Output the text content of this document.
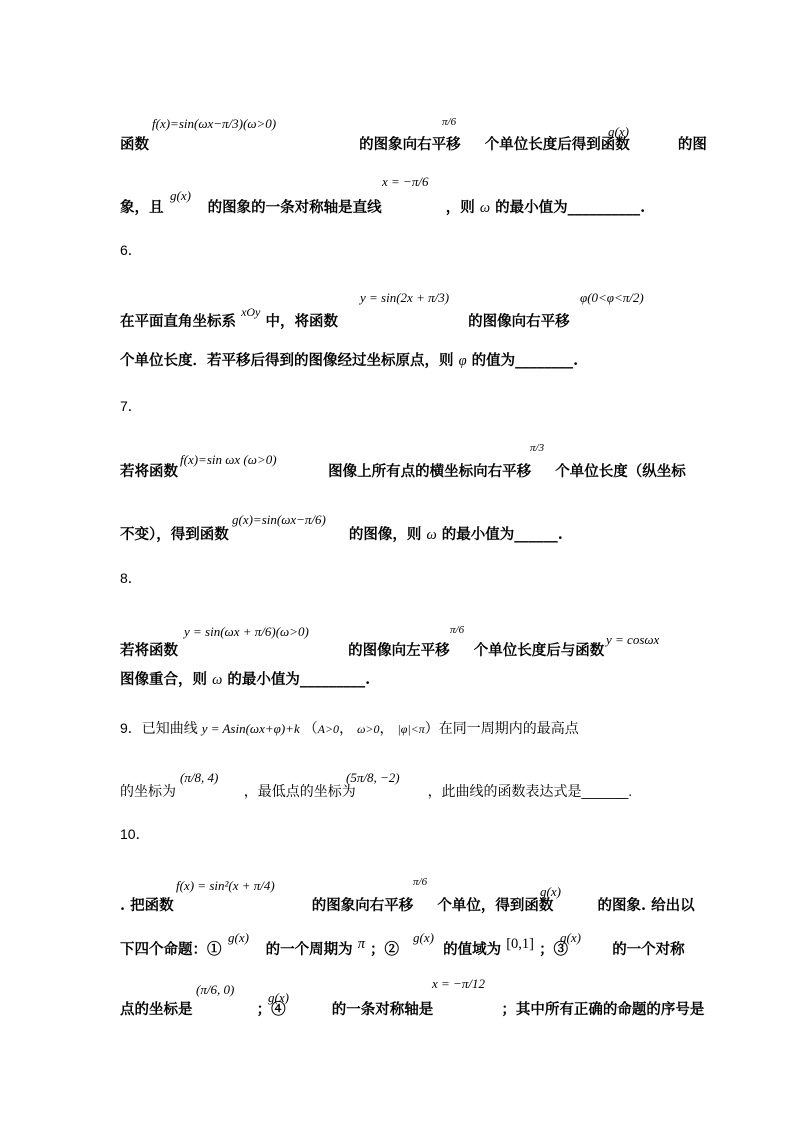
f(x)=sin(ωx−π/3)(ω>0)	π/6
g(x)
函数	的图象向右平移 个单位长度后得到函数	的图
g(x)
x = −π/6
象，且	的图象的一条对称轴是直线	，则 ω 的最小值为__________.
6．
y = sin(2x + π/3)	φ(0<φ<π/2)
在平面直角坐标系 $^{xOy}$ 中，将函数	的图像向右平移
个单位长度．若平移后得到的图像经过坐标原点，则 φ 的值为________.
7．
f(x)=sin ωx (ω>0)
π/3
若将函数	图像上所有点的横坐标向右平移 个单位长度（纵坐标
g(x)=sin(ωx−π/6)
不变），得到函数	的图像，则 ω 的最小值为______.
8．
y = sin(ωx + π/6)(ω>0)	π/6
y = cosωx
若将函数	的图像向左平移 个单位长度后与函数
图像重合，则 ω 的最小值为_________.
9．已知曲线 y = Asin(ωx+φ)+k （A>0， ω>0， |φ|<π）在同一周期内的最高点
(π/8, 4)	(5π/8, −2)
的坐标为	，最低点的坐标为	，此曲线的函数表达式是______.
10．
f(x) = sin²(x + π/4)	π/6
g(x)
. 把函数	的图象向右平移 个单位，得到函数	的图象. 给出以
g(x)	g(x)	g(x)
下四个命题：①	的一个周期为 π ；②	的值域为 [0,1] ；③	的一个对称
(π/6, 0)
g(x)
x = −π/12
点的坐标是	；④	的一条对称轴是	；其中所有正确的命题的序号是
